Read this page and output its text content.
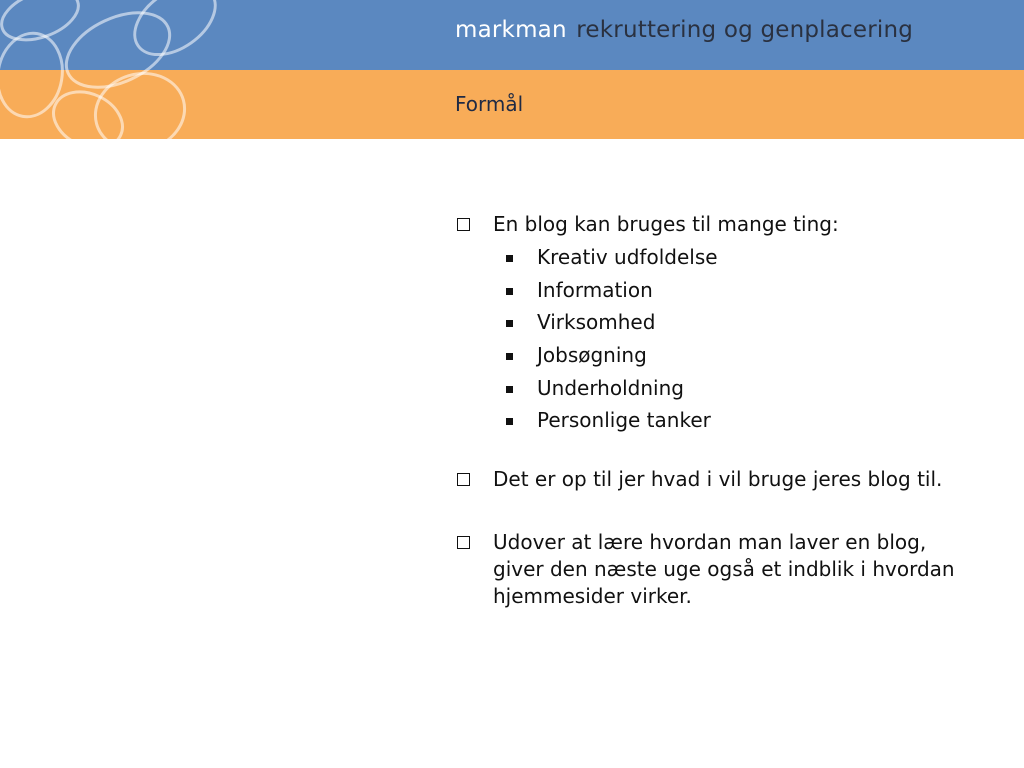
markman rekruttering og genplacering
Formål
En blog kan bruges til mange ting:
Kreativ udfoldelse
Information
Virksomhed
Jobsøgning
Underholdning
Personlige tanker
Det er op til jer hvad i vil bruge jeres blog til.
Udover at lære hvordan man laver en blog, giver den næste uge også et indblik i hvordan hjemmesider virker.
